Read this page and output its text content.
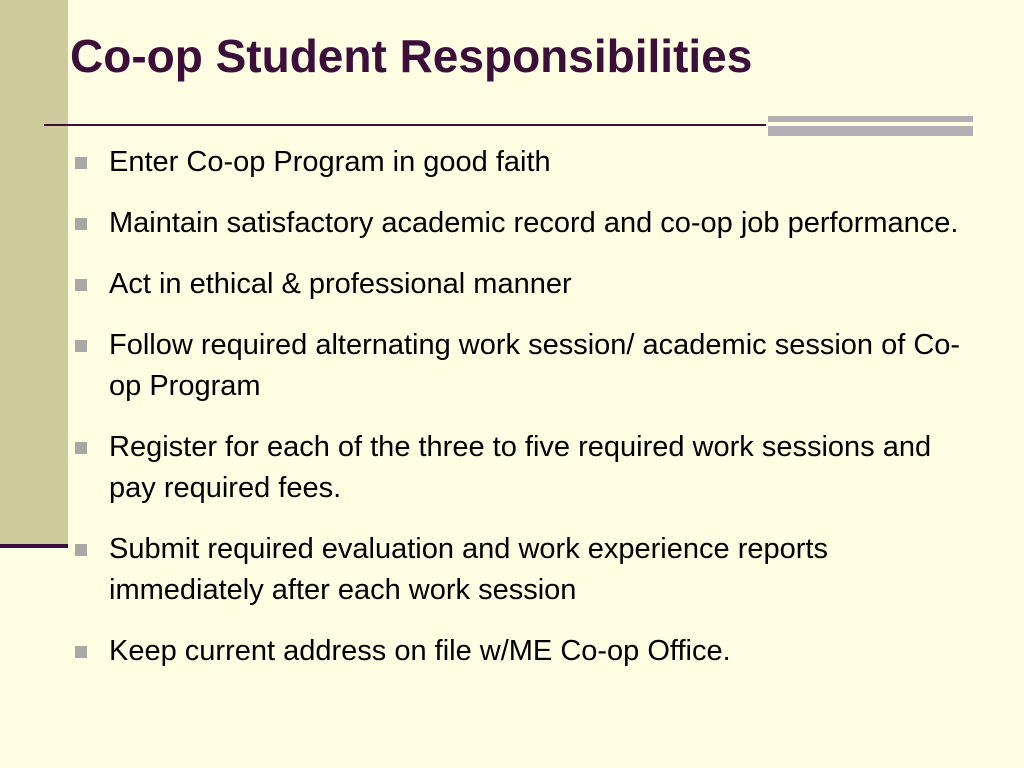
Co-op Student Responsibilities
Enter Co-op Program in good faith
Maintain satisfactory academic record and co-op job performance.
Act in ethical & professional manner
Follow required alternating work session/ academic session of Co-op Program
Register for each of the three to five required work sessions and pay required fees.
Submit required evaluation and work experience reports immediately after each work session
Keep current address on file w/ME Co-op Office.
